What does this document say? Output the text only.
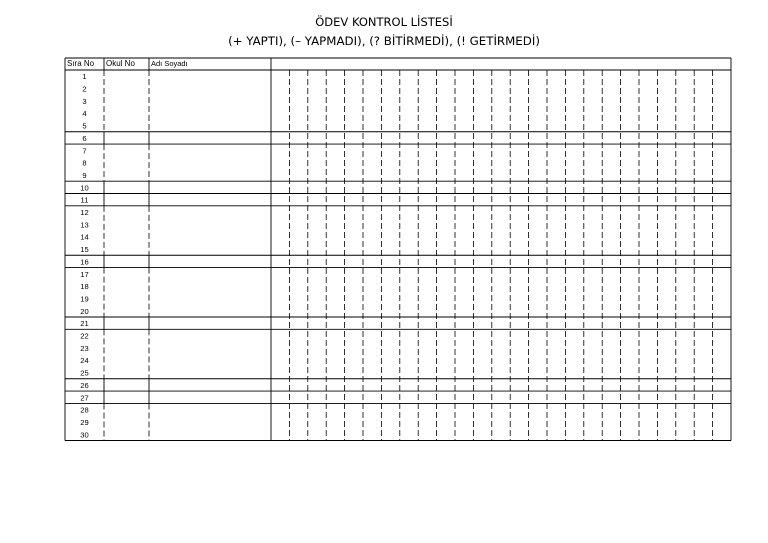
ÖDEV KONTROL LİSTESİ
(+ YAPTI), (– YAPMADI), (? BİTİRMEDİ), (! GETİRMEDİ)
Sıra No Okul No Adı Soyadı
1
2
3
4
5
6
7
8
9
10
11
12
13
14
15
16
17
18
19
20
21
22
23
24
25
26
27
28
29
30
